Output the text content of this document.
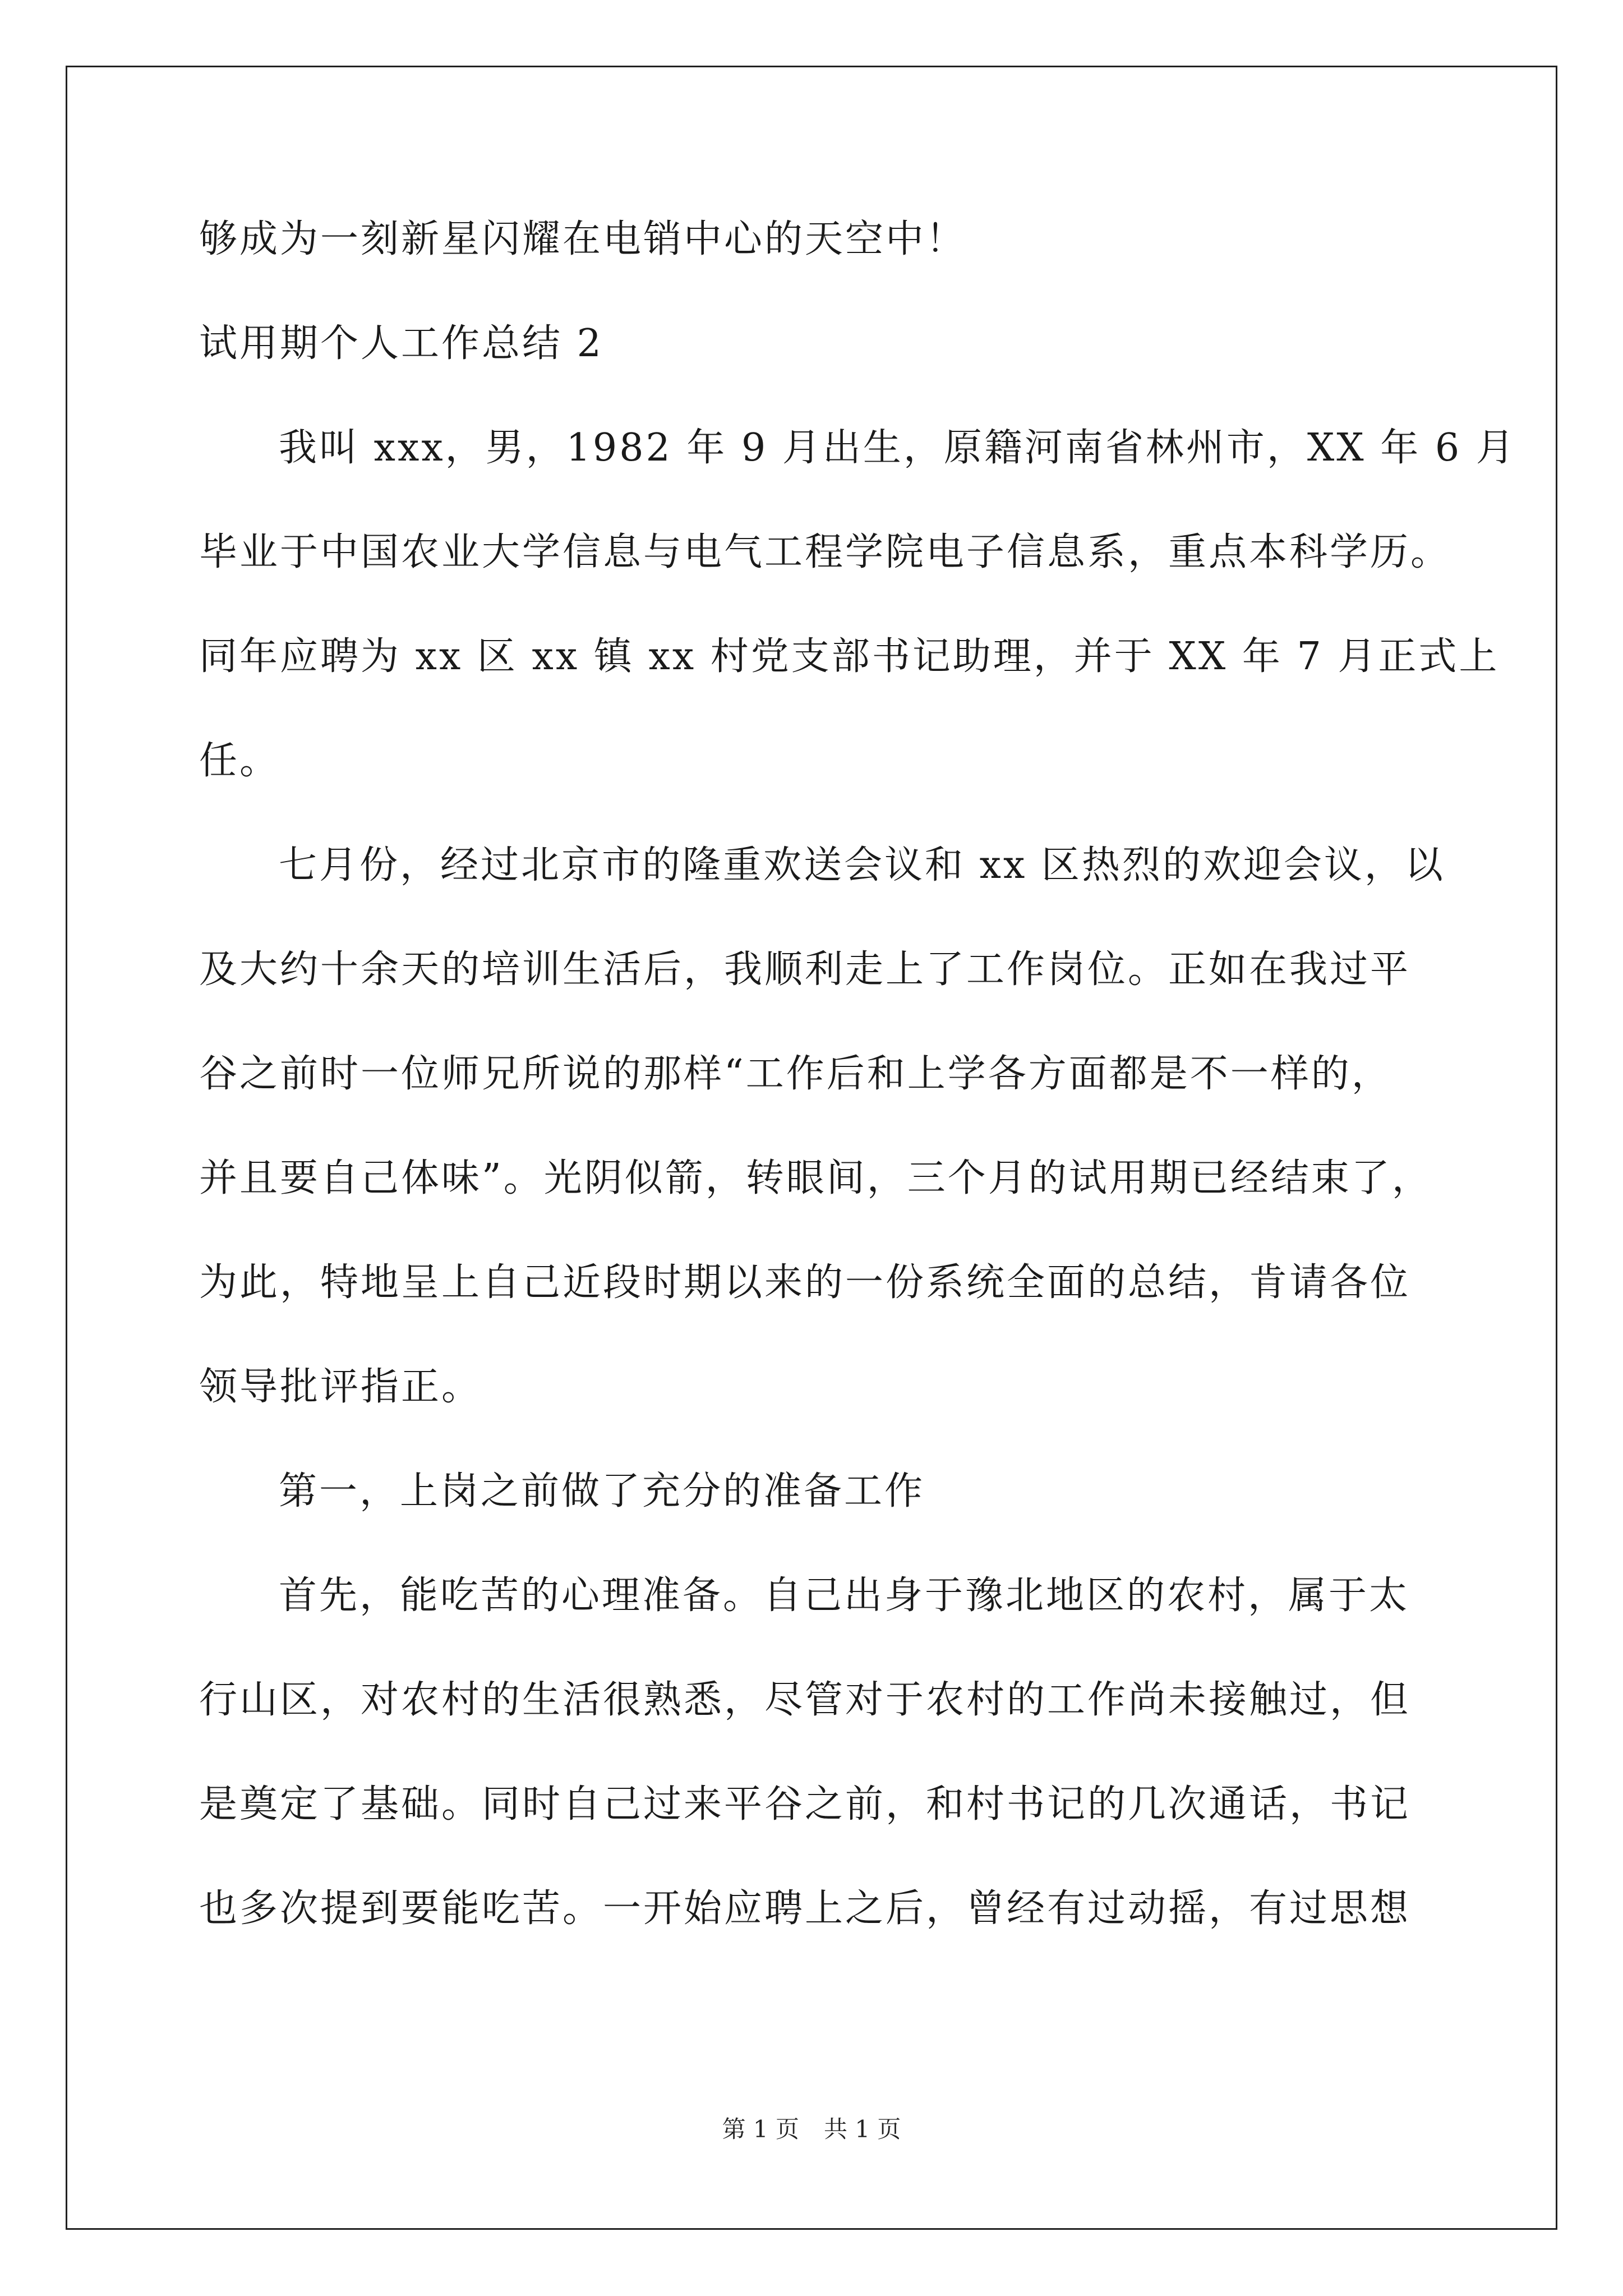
够成为一刻新星闪耀在电销中心的天空中！
试用期个人工作总结 2
我叫 xxx，男，1982 年 9 月出生，原籍河南省林州市，XX 年 6 月
毕业于中国农业大学信息与电气工程学院电子信息系，重点本科学历。
同年应聘为 xx 区 xx 镇 xx 村党支部书记助理，并于 XX 年 7 月正式上
任。
七月份，经过北京市的隆重欢送会议和 xx 区热烈的欢迎会议，以
及大约十余天的培训生活后，我顺利走上了工作岗位。正如在我过平
谷之前时一位师兄所说的那样“工作后和上学各方面都是不一样的，
并且要自己体味”。光阴似箭，转眼间，三个月的试用期已经结束了，
为此，特地呈上自己近段时期以来的一份系统全面的总结，肯请各位
领导批评指正。
第一，上岗之前做了充分的准备工作
首先，能吃苦的心理准备。自己出身于豫北地区的农村，属于太
行山区，对农村的生活很熟悉，尽管对于农村的工作尚未接触过，但
是奠定了基础。同时自己过来平谷之前，和村书记的几次通话，书记
也多次提到要能吃苦。一开始应聘上之后，曾经有过动摇，有过思想
第 1 页 共 1 页
